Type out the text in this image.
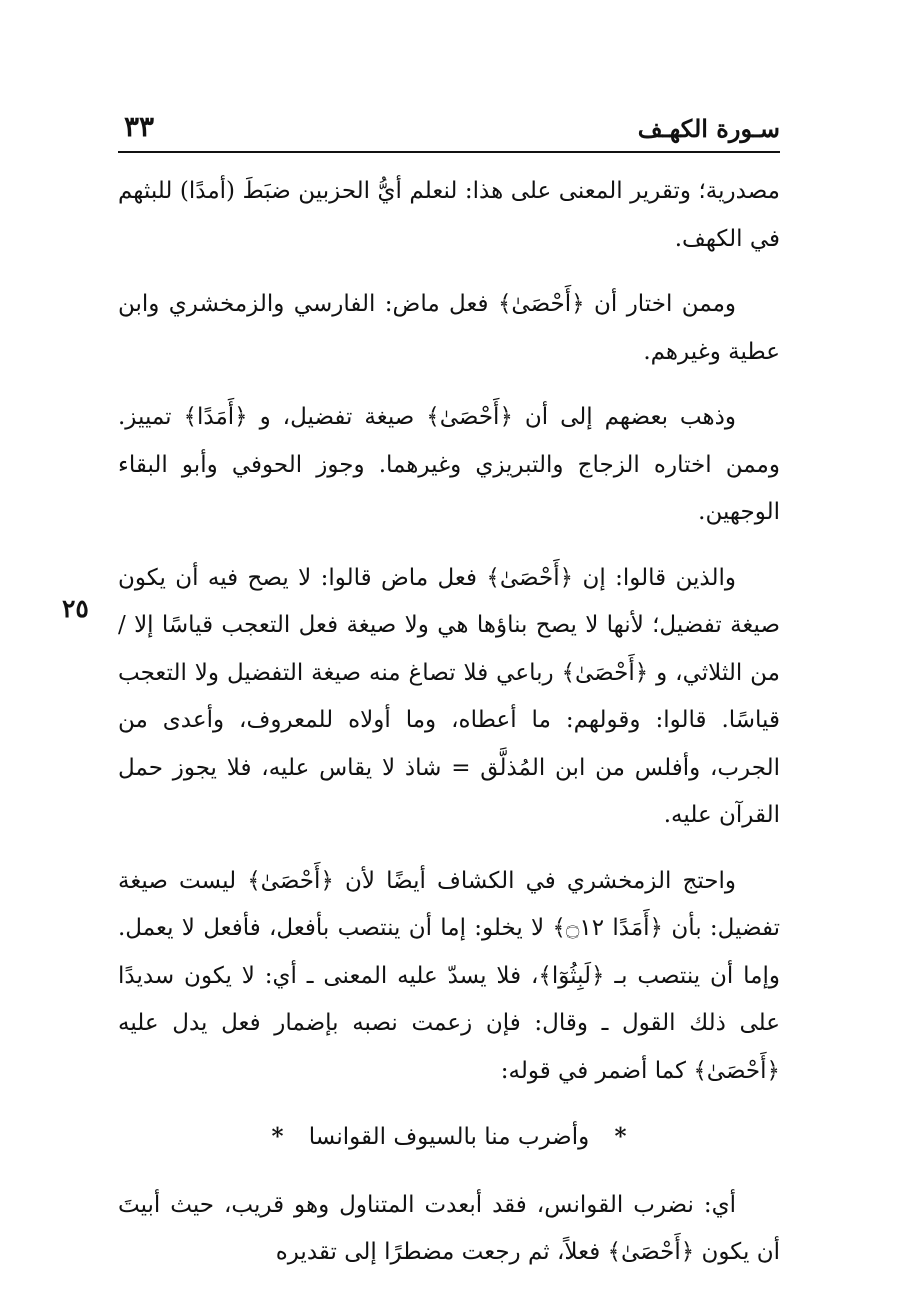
سـورة الكهـف
٣٣
٢٥

مصدرية؛ وتقرير المعنى على هذا: لنعلم أيُّ الحزبين ضبَطَ (أمدًا) للبثهم في الكهف.

وممن اختار أن ﴿أَحْصَىٰ﴾ فعل ماض: الفارسي والزمخشري وابن عطية وغيرهم.

وذهب بعضهم إلى أن ﴿أَحْصَىٰ﴾ صيغة تفضيل، و ﴿أَمَدًا﴾ تمييز. وممن اختاره الزجاج والتبريزي وغيرهما. وجوز الحوفي وأبو البقاء الوجهين.

والذين قالوا: إن ﴿أَحْصَىٰ﴾ فعل ماض قالوا: لا يصح فيه أن يكون صيغة تفضيل؛ لأنها لا يصح بناؤها هي ولا صيغة فعل التعجب قياسًا إلا / من الثلاثي، و ﴿أَحْصَىٰ﴾ رباعي فلا تصاغ منه صيغة التفضيل ولا التعجب قياسًا. قالوا: وقولهم: ما أعطاه، وما أولاه للمعروف، وأعدى من الجرب، وأفلس من ابن المُذلَّق = شاذ لا يقاس عليه، فلا يجوز حمل القرآن عليه.

واحتج الزمخشري في الكشاف أيضًا لأن ﴿أَحْصَىٰ﴾ ليست صيغة تفضيل: بأن ﴿أَمَدًا ۝١٢﴾ لا يخلو: إما أن ينتصب بأفعل، فأفعل لا يعمل. وإما أن ينتصب بـ ﴿لَبِثُوٓا﴾، فلا يسدّ عليه المعنى ـ أي: لا يكون سديدًا على ذلك القول ـ وقال: فإن زعمت نصبه بإضمار فعل يدل عليه ﴿أَحْصَىٰ﴾ كما أضمر في قوله:

* وأضرب منا بالسيوف القوانسا *

أي: نضرب القوانس، فقد أبعدت المتناول وهو قريب، حيث أبيتَ أن يكون ﴿أَحْصَىٰ﴾ فعلاً، ثم رجعت مضطرًا إلى تقديره
